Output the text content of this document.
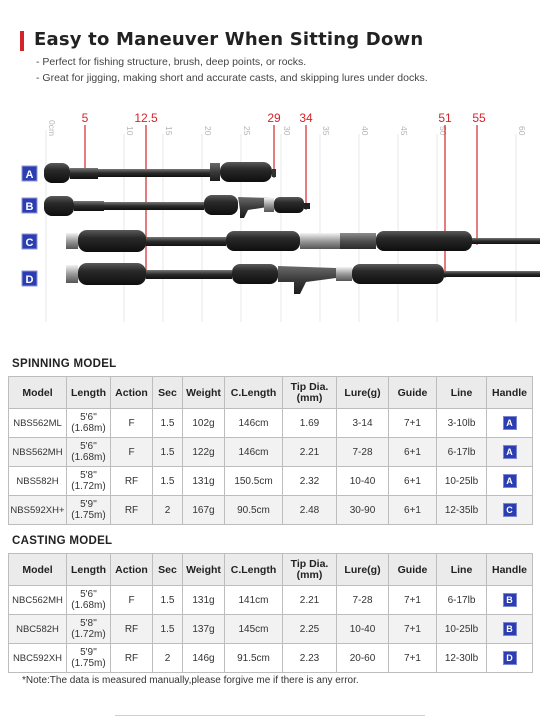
Easy to Maneuver When Sitting Down
- Perfect for fishing structure, brush, deep points, or rocks.
- Great for jigging, making short and accurate casts, and skipping lures under docks.
0cm	10	15	20	25	30	35	40	45	50	60
5	12.5	29 34	51 55
A
B
C
D
SPINNING MODEL
Model	Length	Action	Sec	Weight	C.Length	Tip Dia.
(mm)	Lure(g)	Guide	Line	Handle
NBS562ML	5'6''
(1.68m)	F	1.5	102g	146cm	1.69	3-14	7+1	3-10lb	A
NBS562MH	5'6''
(1.68m)	F	1.5	122g	146cm	2.21	7-28	6+1	6-17lb	A
NBS582H	5'8''
(1.72m)	RF	1.5	131g	150.5cm	2.32	10-40	6+1	10-25lb	A
NBS592XH+	5'9''
(1.75m)	RF	2	167g	90.5cm	2.48	30-90	6+1	12-35lb	C
CASTING MODEL
Model	Length	Action	Sec	Weight	C.Length	Tip Dia.
(mm)	Lure(g)	Guide	Line	Handle
NBC562MH	5'6''
(1.68m)	F	1.5	131g	141cm	2.21	7-28	7+1	6-17lb	B
NBC582H	5'8''
(1.72m)	RF	1.5	137g	145cm	2.25	10-40	7+1	10-25lb	B
NBC592XH	5'9''
(1.75m)	RF	2	146g	91.5cm	2.23	20-60	7+1	12-30lb	D
*Note:The data is measured manually,please forgive me if there is any error.
